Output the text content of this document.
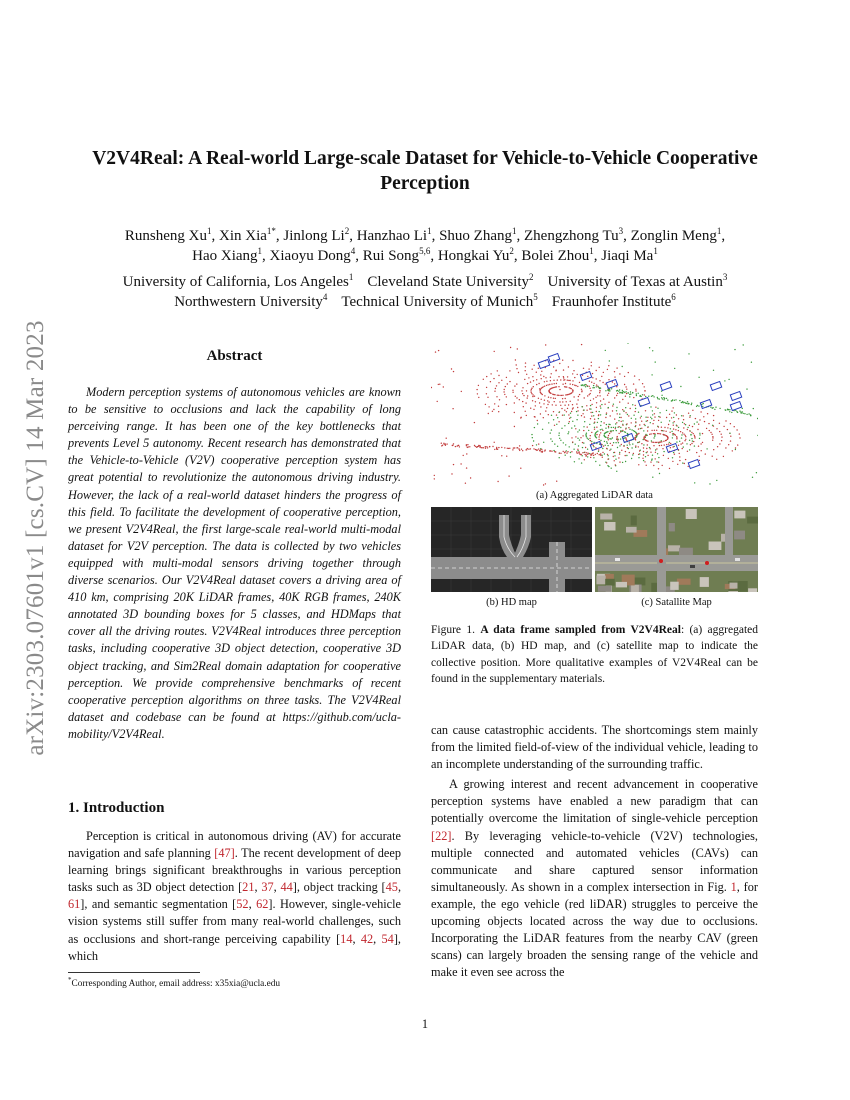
arXiv:2303.07601v1 [cs.CV] 14 Mar 2023
V2V4Real: A Real-world Large-scale Dataset for Vehicle-to-Vehicle Cooperative
Perception
Runsheng Xu$^1$, Xin Xia$^{1*}$, Jinlong Li$^2$, Hanzhao Li$^1$, Shuo Zhang$^1$, Zhengzhong Tu$^3$, Zonglin Meng$^1$,
Hao Xiang$^1$, Xiaoyu Dong$^4$, Rui Song$^{5,6}$, Hongkai Yu$^2$, Bolei Zhou$^1$, Jiaqi Ma$^1$
University of California, Los Angeles$^1$ Cleveland State University$^2$ University of Texas at Austin$^3$
Northwestern University$^4$ Technical University of Munich$^5$ Fraunhofer Institute$^6$
Abstract
Modern perception systems of autonomous vehicles are known to be sensitive to occlusions and lack the capability of long perceiving range. It has been one of the key bottlenecks that prevents Level 5 autonomy. Recent research has demonstrated that the Vehicle-to-Vehicle (V2V) cooperative perception system has great potential to revolutionize the autonomous driving industry. However, the lack of a real-world dataset hinders the progress of this field. To facilitate the development of cooperative perception, we present V2V4Real, the first large-scale real-world multi-modal dataset for V2V perception. The data is collected by two vehicles equipped with multi-modal sensors driving together through diverse scenarios. Our V2V4Real dataset covers a driving area of 410 km, comprising 20K LiDAR frames, 40K RGB frames, 240K annotated 3D bounding boxes for 5 classes, and HDMaps that cover all the driving routes. V2V4Real introduces three perception tasks, including cooperative 3D object detection, cooperative 3D object tracking, and Sim2Real domain adaptation for cooperative perception. We provide comprehensive benchmarks of recent cooperative perception algorithms on three tasks. The V2V4Real dataset and codebase can be found at https://github.com/ucla-mobility/V2V4Real.
1. Introduction
Perception is critical in autonomous driving (AV) for accurate navigation and safe planning [47]. The recent development of deep learning brings significant breakthroughs in various perception tasks such as 3D object detection [21, 37, 44], object tracking [45, 61], and semantic segmentation [52, 62]. However, single-vehicle vision systems still suffer from many real-world challenges, such as occlusions and short-range perceiving capability [14, 42, 54], which
*Corresponding Author, email address: x35xia@ucla.edu
(a) Aggregated LiDAR data
(b) HD map	(c) Satallite Map
Figure 1. A data frame sampled from V2V4Real: (a) aggregated LiDAR data, (b) HD map, and (c) satellite map to indicate the collective position. More qualitative examples of V2V4Real can be found in the supplementary materials.

can cause catastrophic accidents. The shortcomings stem mainly from the limited field-of-view of the individual vehicle, leading to an incomplete understanding of the surrounding traffic.

A growing interest and recent advancement in cooperative perception systems have enabled a new paradigm that can potentially overcome the limitation of single-vehicle perception [22]. By leveraging vehicle-to-vehicle (V2V) technologies, multiple connected and automated vehicles (CAVs) can communicate and share captured sensor information simultaneously. As shown in a complex intersection in Fig. 1, for example, the ego vehicle (red liDAR) struggles to perceive the upcoming objects located across the way due to occlusions. Incorporating the LiDAR features from the nearby CAV (green scans) can largely broaden the sensing range of the vehicle and make it even see across the

1
